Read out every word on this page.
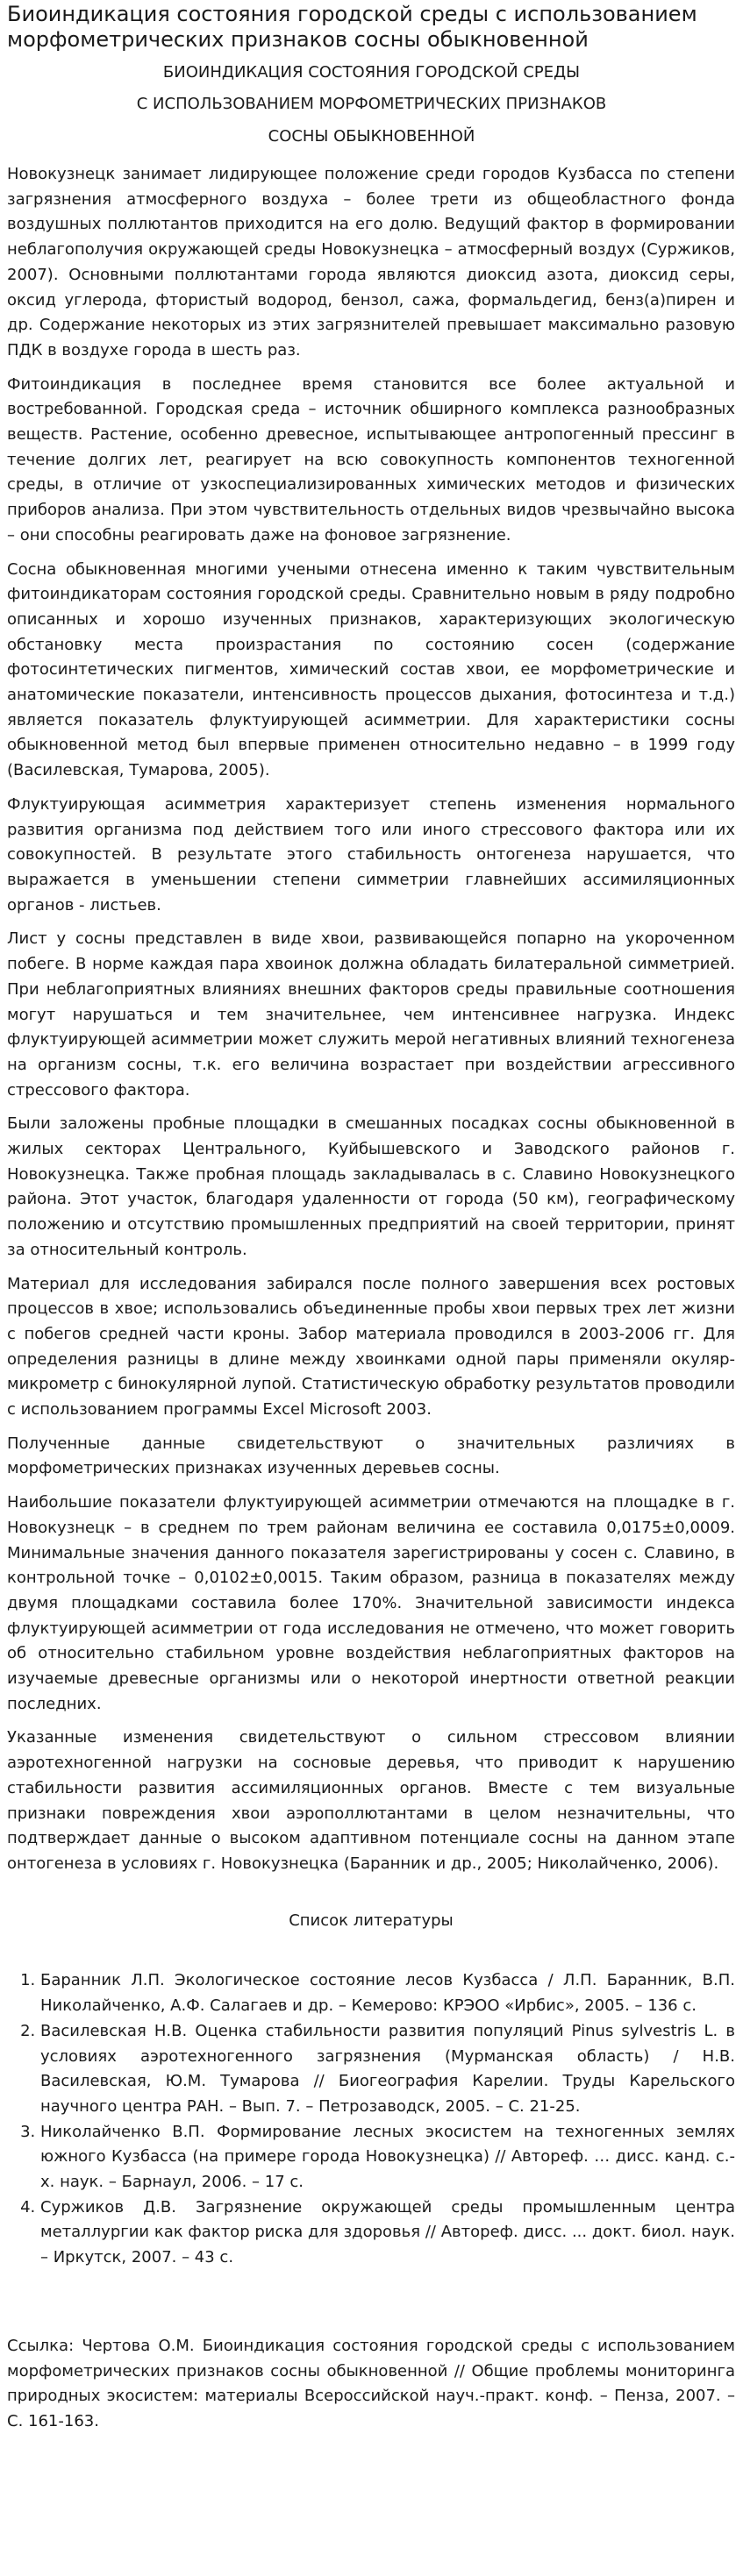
Биоиндикация состояния городской среды с использованием морфометрических признаков сосны обыкновенной
БИОИНДИКАЦИЯ СОСТОЯНИЯ ГОРОДСКОЙ СРЕДЫ
С ИСПОЛЬЗОВАНИЕМ МОРФОМЕТРИЧЕСКИХ ПРИЗНАКОВ
СОСНЫ ОБЫКНОВЕННОЙ

Новокузнецк занимает лидирующее положение среди городов Кузбасса по степени загрязнения атмосферного воздуха – более трети из общеобластного фонда воздушных поллютантов приходится на его долю. Ведущий фактор в формировании неблагополучия окружающей среды Новокузнецка – атмосферный воздух (Суржиков, 2007). Основными поллютантами города являются диоксид азота, диоксид серы, оксид углерода, фтористый водород, бензол, сажа, формальдегид, бенз(а)пирен и др. Содержание некоторых из этих загрязнителей превышает максимально разовую ПДК в воздухе города в шесть раз.

Фитоиндикация в последнее время становится все более актуальной и востребованной. Городская среда – источник обширного комплекса разнообразных веществ. Растение, особенно древесное, испытывающее антропогенный прессинг в течение долгих лет, реагирует на всю совокупность компонентов техногенной среды, в отличие от узкоспециализированных химических методов и физических приборов анализа. При этом чувствительность отдельных видов чрезвычайно высока – они способны реагировать даже на фоновое загрязнение.

Сосна обыкновенная многими учеными отнесена именно к таким чувствительным фитоиндикаторам состояния городской среды. Сравнительно новым в ряду подробно описанных и хорошо изученных признаков, характеризующих экологическую обстановку места произрастания по состоянию сосен (содержание фотосинтетических пигментов, химический состав хвои, ее морфометрические и анатомические показатели, интенсивность процессов дыхания, фотосинтеза и т.д.) является показатель флуктуирующей асимметрии. Для характеристики сосны обыкновенной метод был впервые применен относительно недавно – в 1999 году (Василевская, Тумарова, 2005).

Флуктуирующая асимметрия характеризует степень изменения нормального развития организма под действием того или иного стрессового фактора или их совокупностей. В результате этого стабильность онтогенеза нарушается, что выражается в уменьшении степени симметрии главнейших ассимиляционных органов - листьев.

Лист у сосны представлен в виде хвои, развивающейся попарно на укороченном побеге. В норме каждая пара хвоинок должна обладать билатеральной симметрией. При неблагоприятных влияниях внешних факторов среды правильные соотношения могут нарушаться и тем значительнее, чем интенсивнее нагрузка. Индекс флуктуирующей асимметрии может служить мерой негативных влияний техногенеза на организм сосны, т.к. его величина возрастает при воздействии агрессивного стрессового фактора.

Были заложены пробные площадки в смешанных посадках сосны обыкновенной в жилых секторах Центрального, Куйбышевского и Заводского районов г. Новокузнецка. Также пробная площадь закладывалась в с. Славино Новокузнецкого района. Этот участок, благодаря удаленности от города (50 км), географическому положению и отсутствию промышленных предприятий на своей территории, принят за относительный контроль.

Материал для исследования забирался после полного завершения всех ростовых процессов в хвое; использовались объединенные пробы хвои первых трех лет жизни с побегов средней части кроны. Забор материала проводился в 2003-2006 гг. Для определения разницы в длине между хвоинками одной пары применяли окуляр-микрометр с бинокулярной лупой. Статистическую обработку результатов проводили с использованием программы Excel Microsoft 2003.

Полученные данные свидетельствуют о значительных различиях в морфометрических признаках изученных деревьев сосны.

Наибольшие показатели флуктуирующей асимметрии отмечаются на площадке в г. Новокузнецк – в среднем по трем районам величина ее составила 0,0175±0,0009. Минимальные значения данного показателя зарегистрированы у сосен с. Славино, в контрольной точке – 0,0102±0,0015. Таким образом, разница в показателях между двумя площадками составила более 170%. Значительной зависимости индекса флуктуирующей асимметрии от года исследования не отмечено, что может говорить об относительно стабильном уровне воздействия неблагоприятных факторов на изучаемые древесные организмы или о некоторой инертности ответной реакции последних.

Указанные изменения свидетельствуют о сильном стрессовом влиянии аэротехногенной нагрузки на сосновые деревья, что приводит к нарушению стабильности развития ассимиляционных органов. Вместе с тем визуальные признаки повреждения хвои аэрополлютантами в целом незначительны, что подтверждает данные о высоком адаптивном потенциале сосны на данном этапе онтогенеза в условиях г. Новокузнецка (Баранник и др., 2005; Николайченко, 2006).

Список литературы
1. Баранник Л.П. Экологическое состояние лесов Кузбасса / Л.П. Баранник, В.П. Николайченко, А.Ф. Салагаев и др. – Кемерово: КРЭОО «Ирбис», 2005. – 136 с.
2. Василевская Н.В. Оценка стабильности развития популяций Pinus sylvestris L. в условиях аэротехногенного загрязнения (Мурманская область) / Н.В. Василевская, Ю.М. Тумарова // Биогеография Карелии. Труды Карельского научного центра РАН. – Вып. 7. – Петрозаводск, 2005. – С. 21-25.
3. Николайченко В.П. Формирование лесных экосистем на техногенных землях южного Кузбасса (на примере города Новокузнецка) // Автореф. … дисс. канд. с.-х. наук. – Барнаул, 2006. – 17 с.
4. Суржиков Д.В. Загрязнение окружающей среды промышленным центра металлургии как фактор риска для здоровья // Автореф. дисс. ... докт. биол. наук. – Иркутск, 2007. – 43 с.

Ссылка: Чертова О.М. Биоиндикация состояния городской среды с использованием морфометрических признаков сосны обыкновенной // Общие проблемы мониторинга природных экосистем: материалы Всероссийской науч.-практ. конф. – Пенза, 2007. – С. 161-163.
